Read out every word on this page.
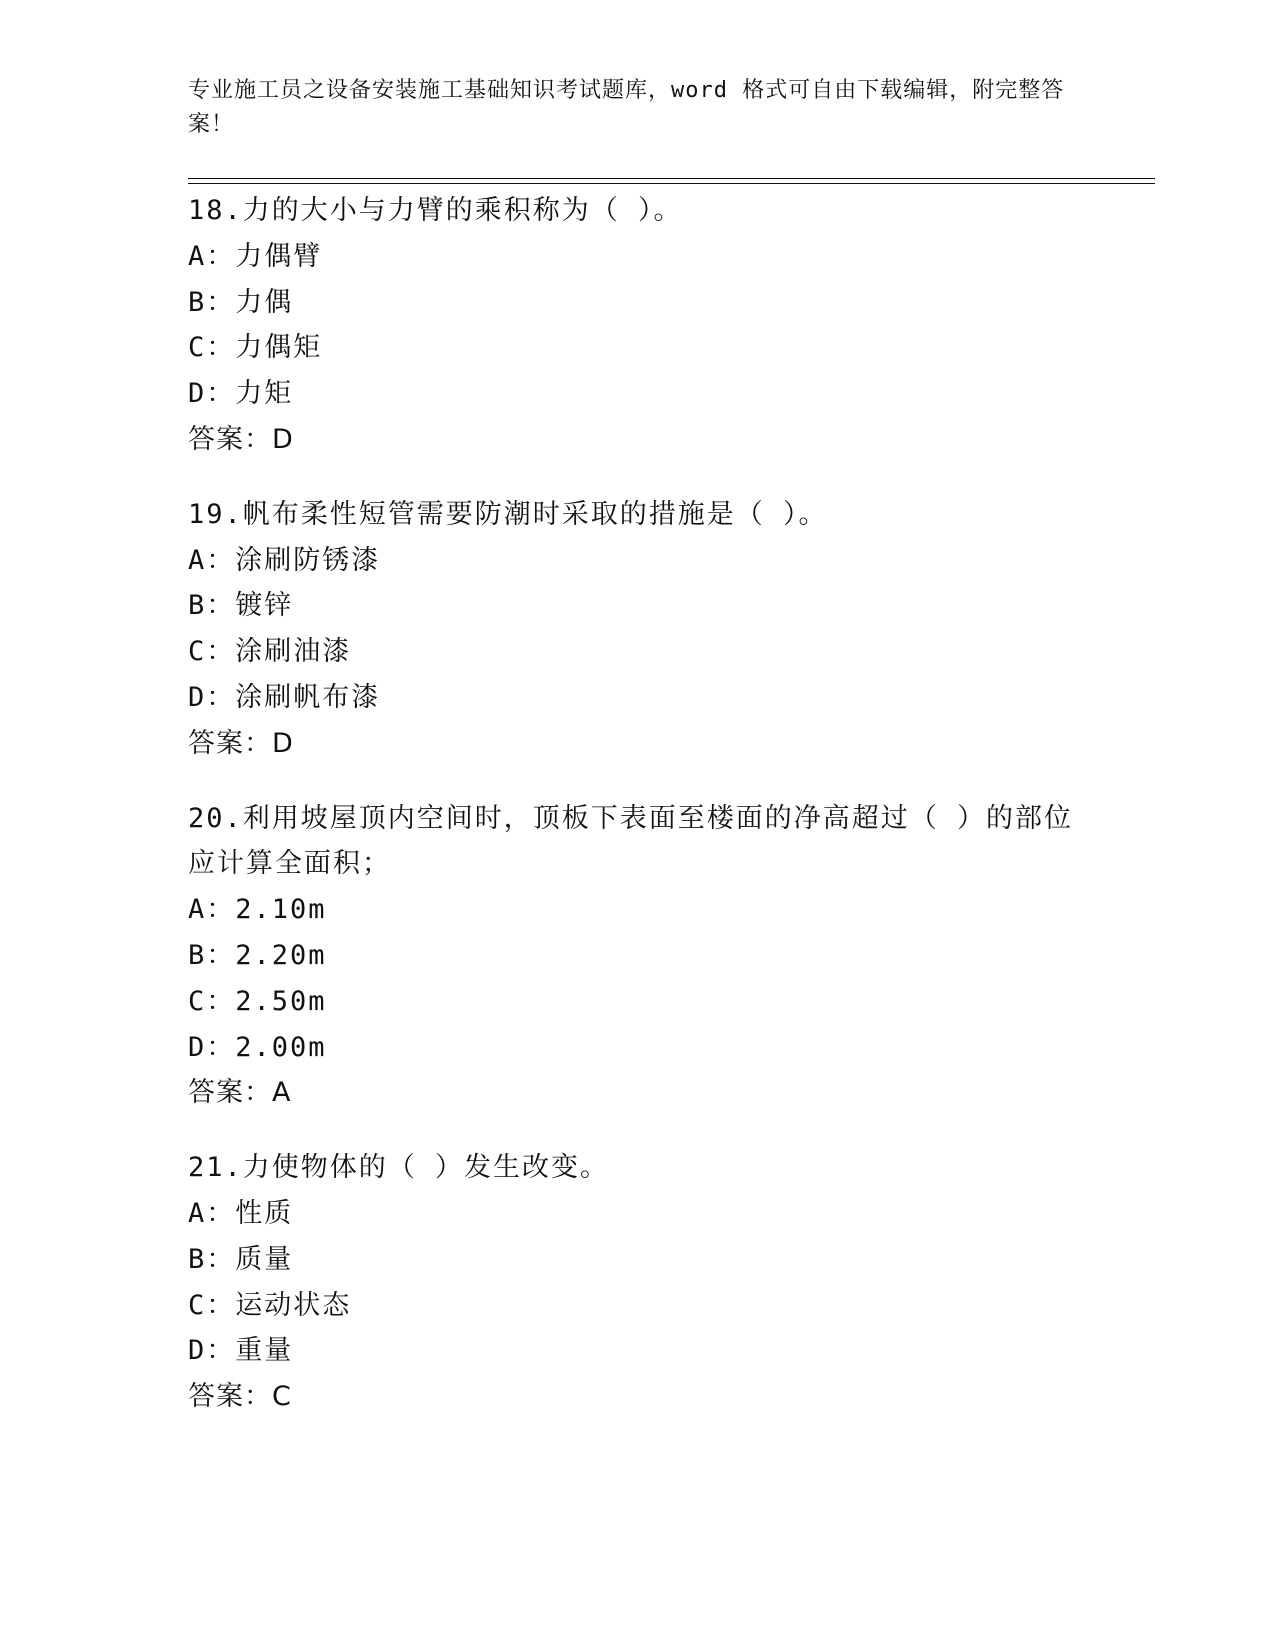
专业施工员之设备安装施工基础知识考试题库，word 格式可自由下载编辑，附完整答案！
18.力的大小与力臂的乘积称为（ ）。
A：力偶臂
B：力偶
C：力偶矩
D：力矩
答案：D
19.帆布柔性短管需要防潮时采取的措施是（ ）。
A：涂刷防锈漆
B：镀锌
C：涂刷油漆
D：涂刷帆布漆
答案：D
20.利用坡屋顶内空间时，顶板下表面至楼面的净高超过（ ）的部位应计算全面积；
A：2.10m
B：2.20m
C：2.50m
D：2.00m
答案：A
21.力使物体的（ ）发生改变。
A：性质
B：质量
C：运动状态
D：重量
答案：C
